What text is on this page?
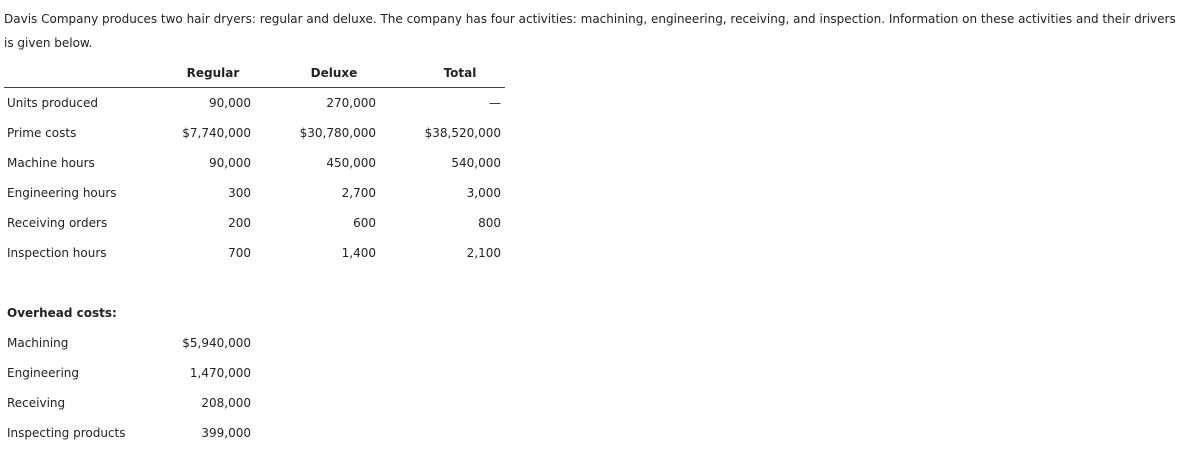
Davis Company produces two hair dryers: regular and deluxe. The company has four activities: machining, engineering, receiving, and inspection. Information on these activities and their drivers is given below.
Regular	Deluxe	Total
Units produced	90,000	270,000	—
Prime costs	$7,740,000	$30,780,000	$38,520,000
Machine hours	90,000	450,000	540,000
Engineering hours	300	2,700	3,000
Receiving orders	200	600	800
Inspection hours	700	1,400	2,100
Overhead costs:
Machining	$5,940,000
Engineering	1,470,000
Receiving	208,000
Inspecting products	399,000
